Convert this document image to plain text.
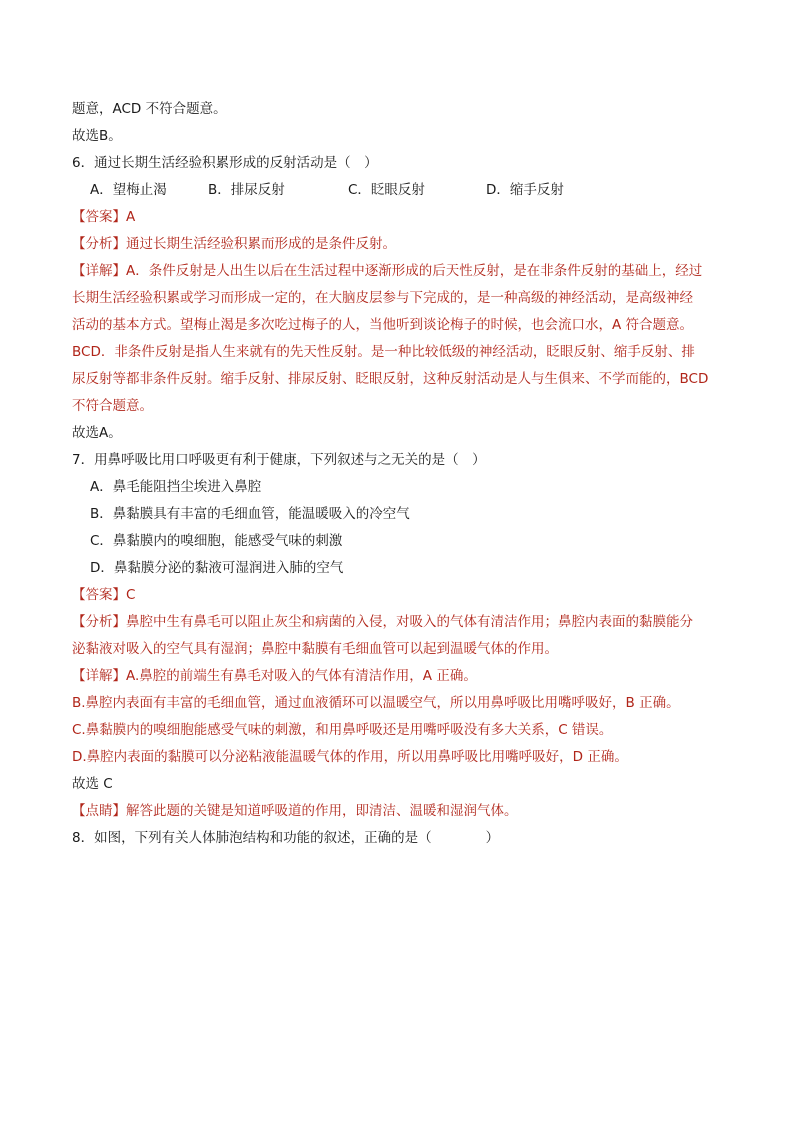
题意，ACD 不符合题意。
故选B。
6．通过长期生活经验积累形成的反射活动是（　）
A．望梅止渴	B．排尿反射	C．眨眼反射	D．缩手反射
【答案】A
【分析】通过长期生活经验积累而形成的是条件反射。
【详解】A．条件反射是人出生以后在生活过程中逐渐形成的后天性反射，是在非条件反射的基础上，经过
长期生活经验积累或学习而形成一定的，在大脑皮层参与下完成的，是一种高级的神经活动，是高级神经
活动的基本方式。望梅止渴是多次吃过梅子的人，当他听到谈论梅子的时候，也会流口水，A 符合题意。
BCD．非条件反射是指人生来就有的先天性反射。是一种比较低级的神经活动，眨眼反射、缩手反射、排
尿反射等都非条件反射。缩手反射、排尿反射、眨眼反射，这种反射活动是人与生俱来、不学而能的，BCD
不符合题意。
故选A。
7．用鼻呼吸比用口呼吸更有利于健康，下列叙述与之无关的是（　）
A．鼻毛能阻挡尘埃进入鼻腔
B．鼻黏膜具有丰富的毛细血管，能温暖吸入的冷空气
C．鼻黏膜内的嗅细胞，能感受气味的刺激
D．鼻黏膜分泌的黏液可湿润进入肺的空气
【答案】C
【分析】鼻腔中生有鼻毛可以阻止灰尘和病菌的入侵，对吸入的气体有清洁作用；鼻腔内表面的黏膜能分
泌黏液对吸入的空气具有湿润；鼻腔中黏膜有毛细血管可以起到温暖气体的作用。
【详解】A.鼻腔的前端生有鼻毛对吸入的气体有清洁作用，A 正确。
B.鼻腔内表面有丰富的毛细血管，通过血液循环可以温暖空气，所以用鼻呼吸比用嘴呼吸好，B 正确。
C.鼻黏膜内的嗅细胞能感受气味的刺激，和用鼻呼吸还是用嘴呼吸没有多大关系，C 错误。
D.鼻腔内表面的黏膜可以分泌粘液能温暖气体的作用，所以用鼻呼吸比用嘴呼吸好，D 正确。
故选 C
【点睛】解答此题的关键是知道呼吸道的作用，即清洁、温暖和湿润气体。
8．如图，下列有关人体肺泡结构和功能的叙述，正确的是（　　　　）
